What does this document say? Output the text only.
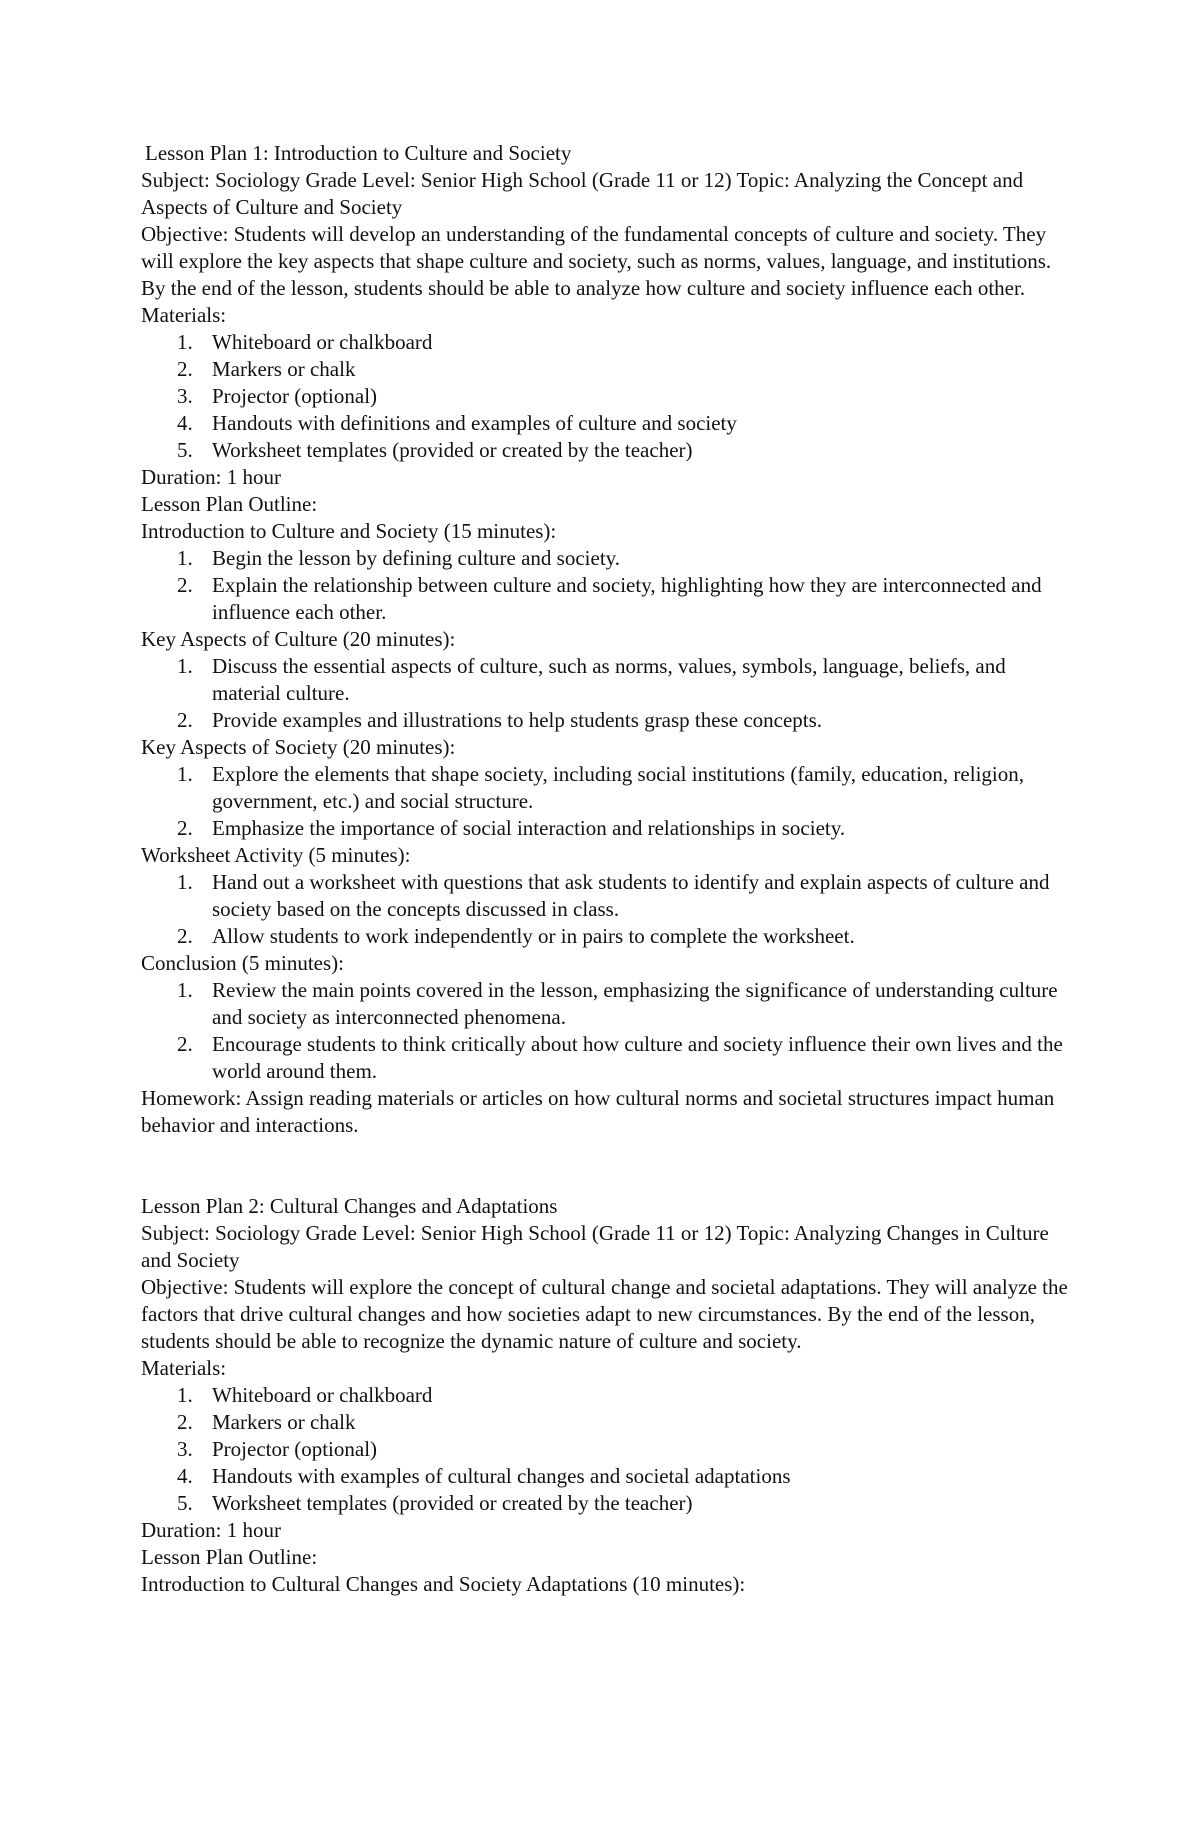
Lesson Plan 1: Introduction to Culture and Society

Subject: Sociology Grade Level: Senior High School (Grade 11 or 12) Topic: Analyzing the Concept and Aspects of Culture and Society

Objective: Students will develop an understanding of the fundamental concepts of culture and society. They will explore the key aspects that shape culture and society, such as norms, values, language, and institutions. By the end of the lesson, students should be able to analyze how culture and society influence each other.

Materials:

1. Whiteboard or chalkboard
2. Markers or chalk
3. Projector (optional)
4. Handouts with definitions and examples of culture and society
5. Worksheet templates (provided or created by the teacher)

Duration: 1 hour

Lesson Plan Outline:

Introduction to Culture and Society (15 minutes):

1. Begin the lesson by defining culture and society.
2. Explain the relationship between culture and society, highlighting how they are interconnected and influence each other.

Key Aspects of Culture (20 minutes):

1. Discuss the essential aspects of culture, such as norms, values, symbols, language, beliefs, and material culture.
2. Provide examples and illustrations to help students grasp these concepts.

Key Aspects of Society (20 minutes):

1. Explore the elements that shape society, including social institutions (family, education, religion, government, etc.) and social structure.
2. Emphasize the importance of social interaction and relationships in society.

Worksheet Activity (5 minutes):

1. Hand out a worksheet with questions that ask students to identify and explain aspects of culture and society based on the concepts discussed in class.
2. Allow students to work independently or in pairs to complete the worksheet.

Conclusion (5 minutes):

1. Review the main points covered in the lesson, emphasizing the significance of understanding culture and society as interconnected phenomena.
2. Encourage students to think critically about how culture and society influence their own lives and the world around them.

Homework: Assign reading materials or articles on how cultural norms and societal structures impact human behavior and interactions.

Lesson Plan 2: Cultural Changes and Adaptations

Subject: Sociology Grade Level: Senior High School (Grade 11 or 12) Topic: Analyzing Changes in Culture and Society

Objective: Students will explore the concept of cultural change and societal adaptations. They will analyze the factors that drive cultural changes and how societies adapt to new circumstances. By the end of the lesson, students should be able to recognize the dynamic nature of culture and society.

Materials:

1. Whiteboard or chalkboard
2. Markers or chalk
3. Projector (optional)
4. Handouts with examples of cultural changes and societal adaptations
5. Worksheet templates (provided or created by the teacher)

Duration: 1 hour

Lesson Plan Outline:

Introduction to Cultural Changes and Society Adaptations (10 minutes):
